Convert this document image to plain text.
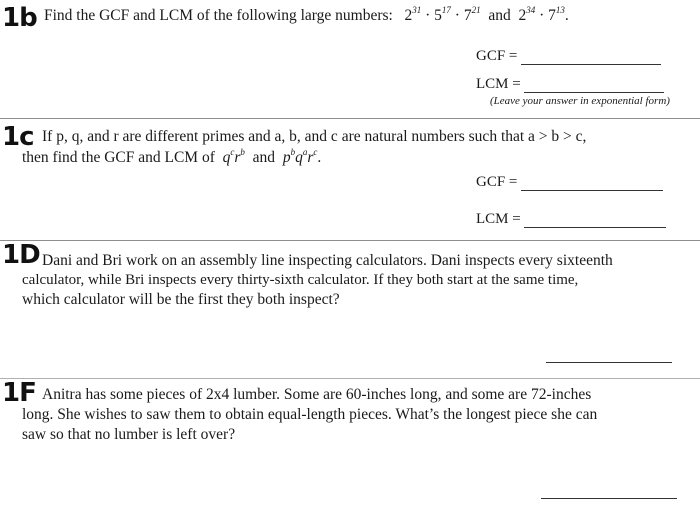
1b Find the GCF and LCM of the following large numbers: $2^{31} \cdot 5^{17} \cdot 7^{21}$ and $2^{34} \cdot 7^{13}$.
GCF =
LCM =
(Leave your answer in exponential form)
1c If p, q, and r are different primes and a, b, and c are natural numbers such that a > b > c,
then find the GCF and LCM of $q^cr^b$ and $p^bq^ar^c$.
GCF =
LCM =
1D Dani and Bri work on an assembly line inspecting calculators. Dani inspects every sixteenth
calculator, while Bri inspects every thirty-sixth calculator. If they both start at the same time,
which calculator will be the first they both inspect?
1F Anitra has some pieces of 2x4 lumber. Some are 60-inches long, and some are 72-inches
long. She wishes to saw them to obtain equal-length pieces. What’s the longest piece she can
saw so that no lumber is left over?
